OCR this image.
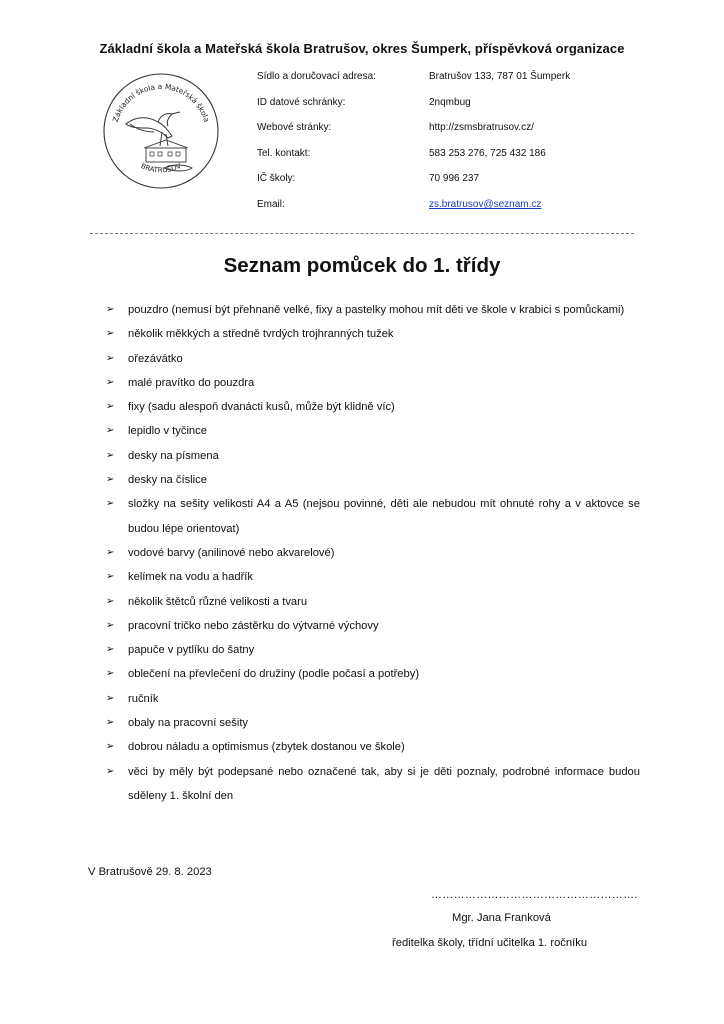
Základní škola a Mateřská škola Bratrušov, okres Šumperk, příspěvková organizace
Základní škola a Mateřská škola
BRATRUŠOV
Sídlo a doručovací adresa:	Bratrušov 133, 787 01 Šumperk
ID datové schránky:	2nqmbug
Webové stránky:	http://zsmsbratrusov.cz/
Tel. kontakt:	583 253 276, 725 432 186
IČ školy:	70 996 237
Email:	zs.bratrusov@seznam.cz
Seznam pomůcek do 1. třídy
➢ pouzdro (nemusí být přehnaně velké, fixy a pastelky mohou mít děti ve škole v krabici s pomůckami)
➢ několik měkkých a středně tvrdých trojhranných tužek
➢ ořezávátko
➢ malé pravítko do pouzdra
➢ fixy (sadu alespoň dvanácti kusů, může být klidně víc)
➢ lepidlo v tyčince
➢ desky na písmena
➢ desky na číslice
➢ složky na sešity velikosti A4 a A5 (nejsou povinné, děti ale nebudou mít ohnuté rohy a v aktovce se budou lépe orientovat)
➢ vodové barvy (anilinové nebo akvarelové)
➢ kelímek na vodu a hadřík
➢ několik štětců různé velikosti a tvaru
➢ pracovní tričko nebo zástěrku do výtvarné výchovy
➢ papuče v pytlíku do šatny
➢ oblečení na převlečení do družiny (podle počasí a potřeby)
➢ ručník
➢ obaly na pracovní sešity
➢ dobrou náladu a optimismus (zbytek dostanou ve škole)
➢ věci by měly být podepsané nebo označené tak, aby si je děti poznaly, podrobné informace budou sděleny 1. školní den
V Bratrušově 29. 8. 2023
……………………………………………….
Mgr. Jana Franková
ředitelka školy, třídní učitelka 1. ročníku
